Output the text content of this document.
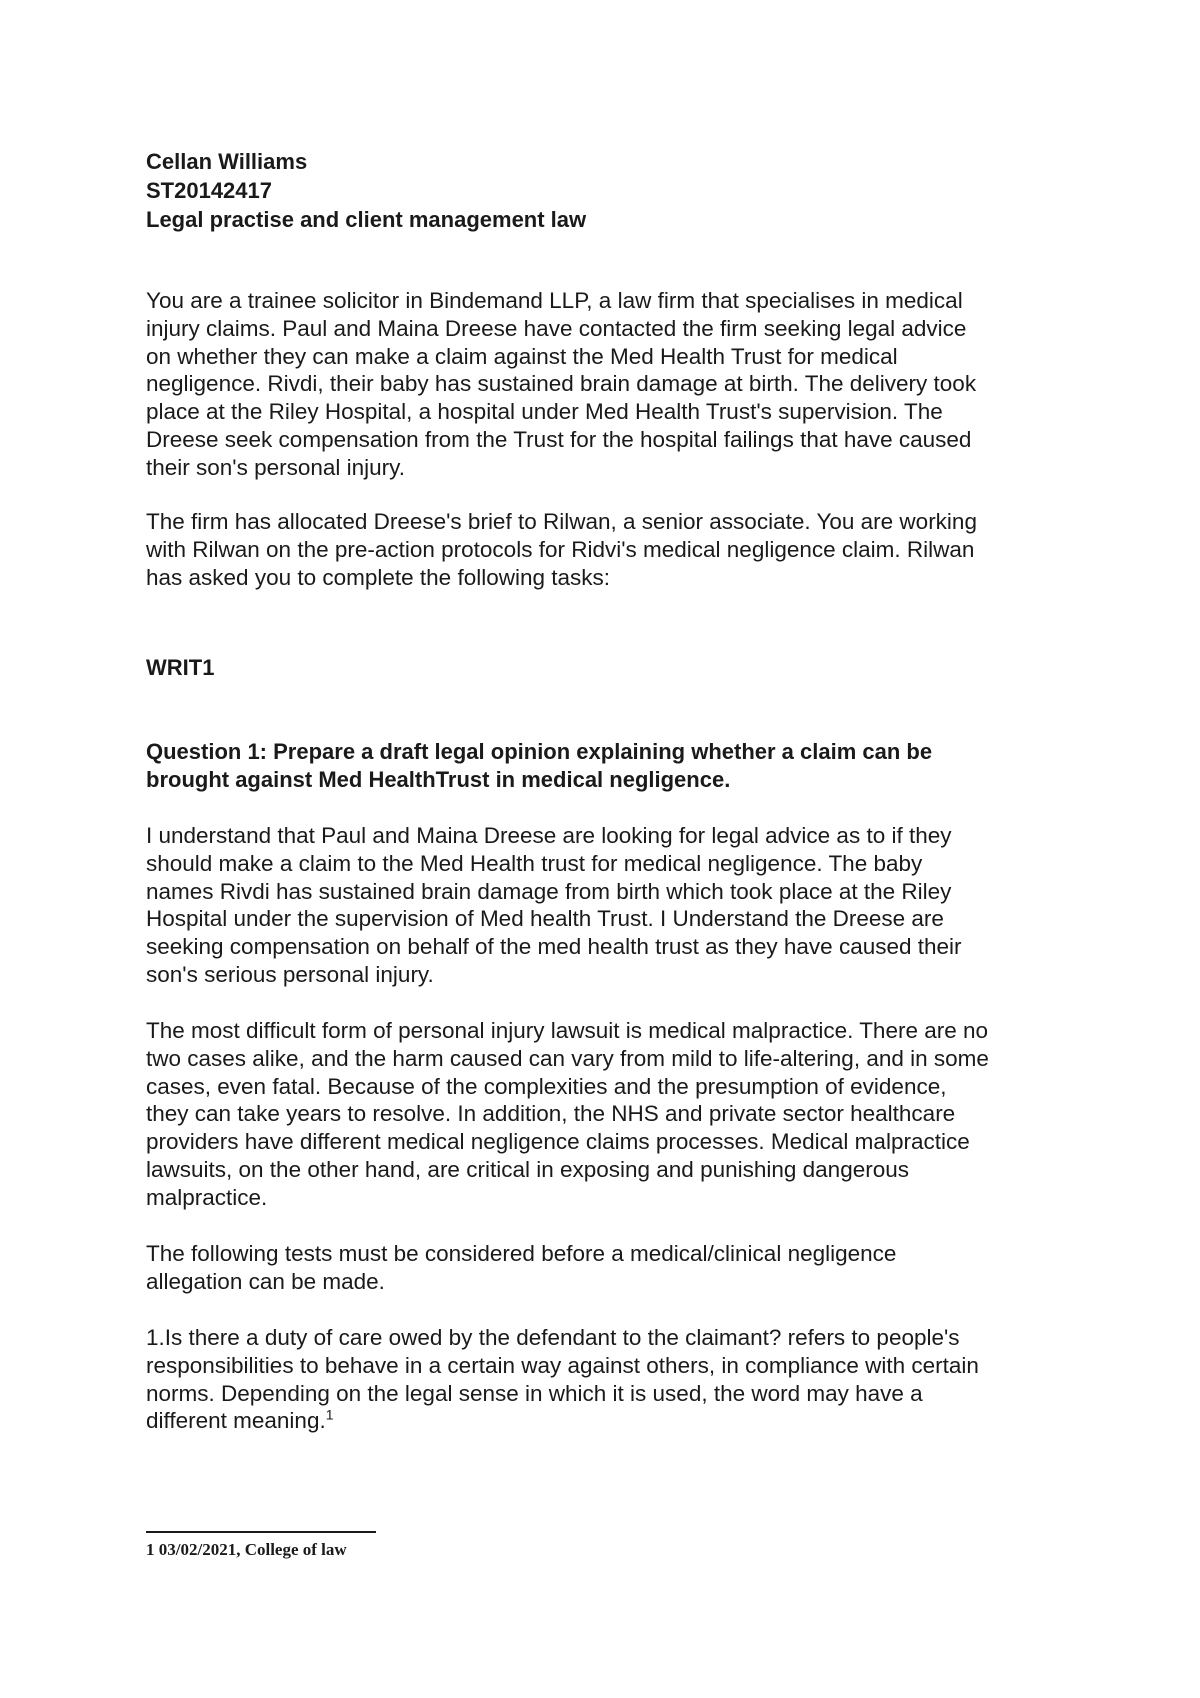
Cellan Williams
ST20142417
Legal practise and client management law
You are a trainee solicitor in Bindemand LLP, a law firm that specialises in medical
injury claims. Paul and Maina Dreese have contacted the firm seeking legal advice
on whether they can make a claim against the Med Health Trust for medical
negligence. Rivdi, their baby has sustained brain damage at birth. The delivery took
place at the Riley Hospital, a hospital under Med Health Trust's supervision. The
Dreese seek compensation from the Trust for the hospital failings that have caused
their son's personal injury.
The firm has allocated Dreese's brief to Rilwan, a senior associate. You are working
with Rilwan on the pre-action protocols for Ridvi's medical negligence claim. Rilwan
has asked you to complete the following tasks:
WRIT1
Question 1: Prepare a draft legal opinion explaining whether a claim can be
brought against Med HealthTrust in medical negligence.
I understand that Paul and Maina Dreese are looking for legal advice as to if they
should make a claim to the Med Health trust for medical negligence. The baby
names Rivdi has sustained brain damage from birth which took place at the Riley
Hospital under the supervision of Med health Trust. I Understand the Dreese are
seeking compensation on behalf of the med health trust as they have caused their
son's serious personal injury.
The most difficult form of personal injury lawsuit is medical malpractice. There are no
two cases alike, and the harm caused can vary from mild to life-altering, and in some
cases, even fatal. Because of the complexities and the presumption of evidence,
they can take years to resolve. In addition, the NHS and private sector healthcare
providers have different medical negligence claims processes. Medical malpractice
lawsuits, on the other hand, are critical in exposing and punishing dangerous
malpractice.
The following tests must be considered before a medical/clinical negligence
allegation can be made.
1.Is there a duty of care owed by the defendant to the claimant? refers to people's
responsibilities to behave in a certain way against others, in compliance with certain
norms. Depending on the legal sense in which it is used, the word may have a
different meaning.$^1$
1 03/02/2021, College of law
